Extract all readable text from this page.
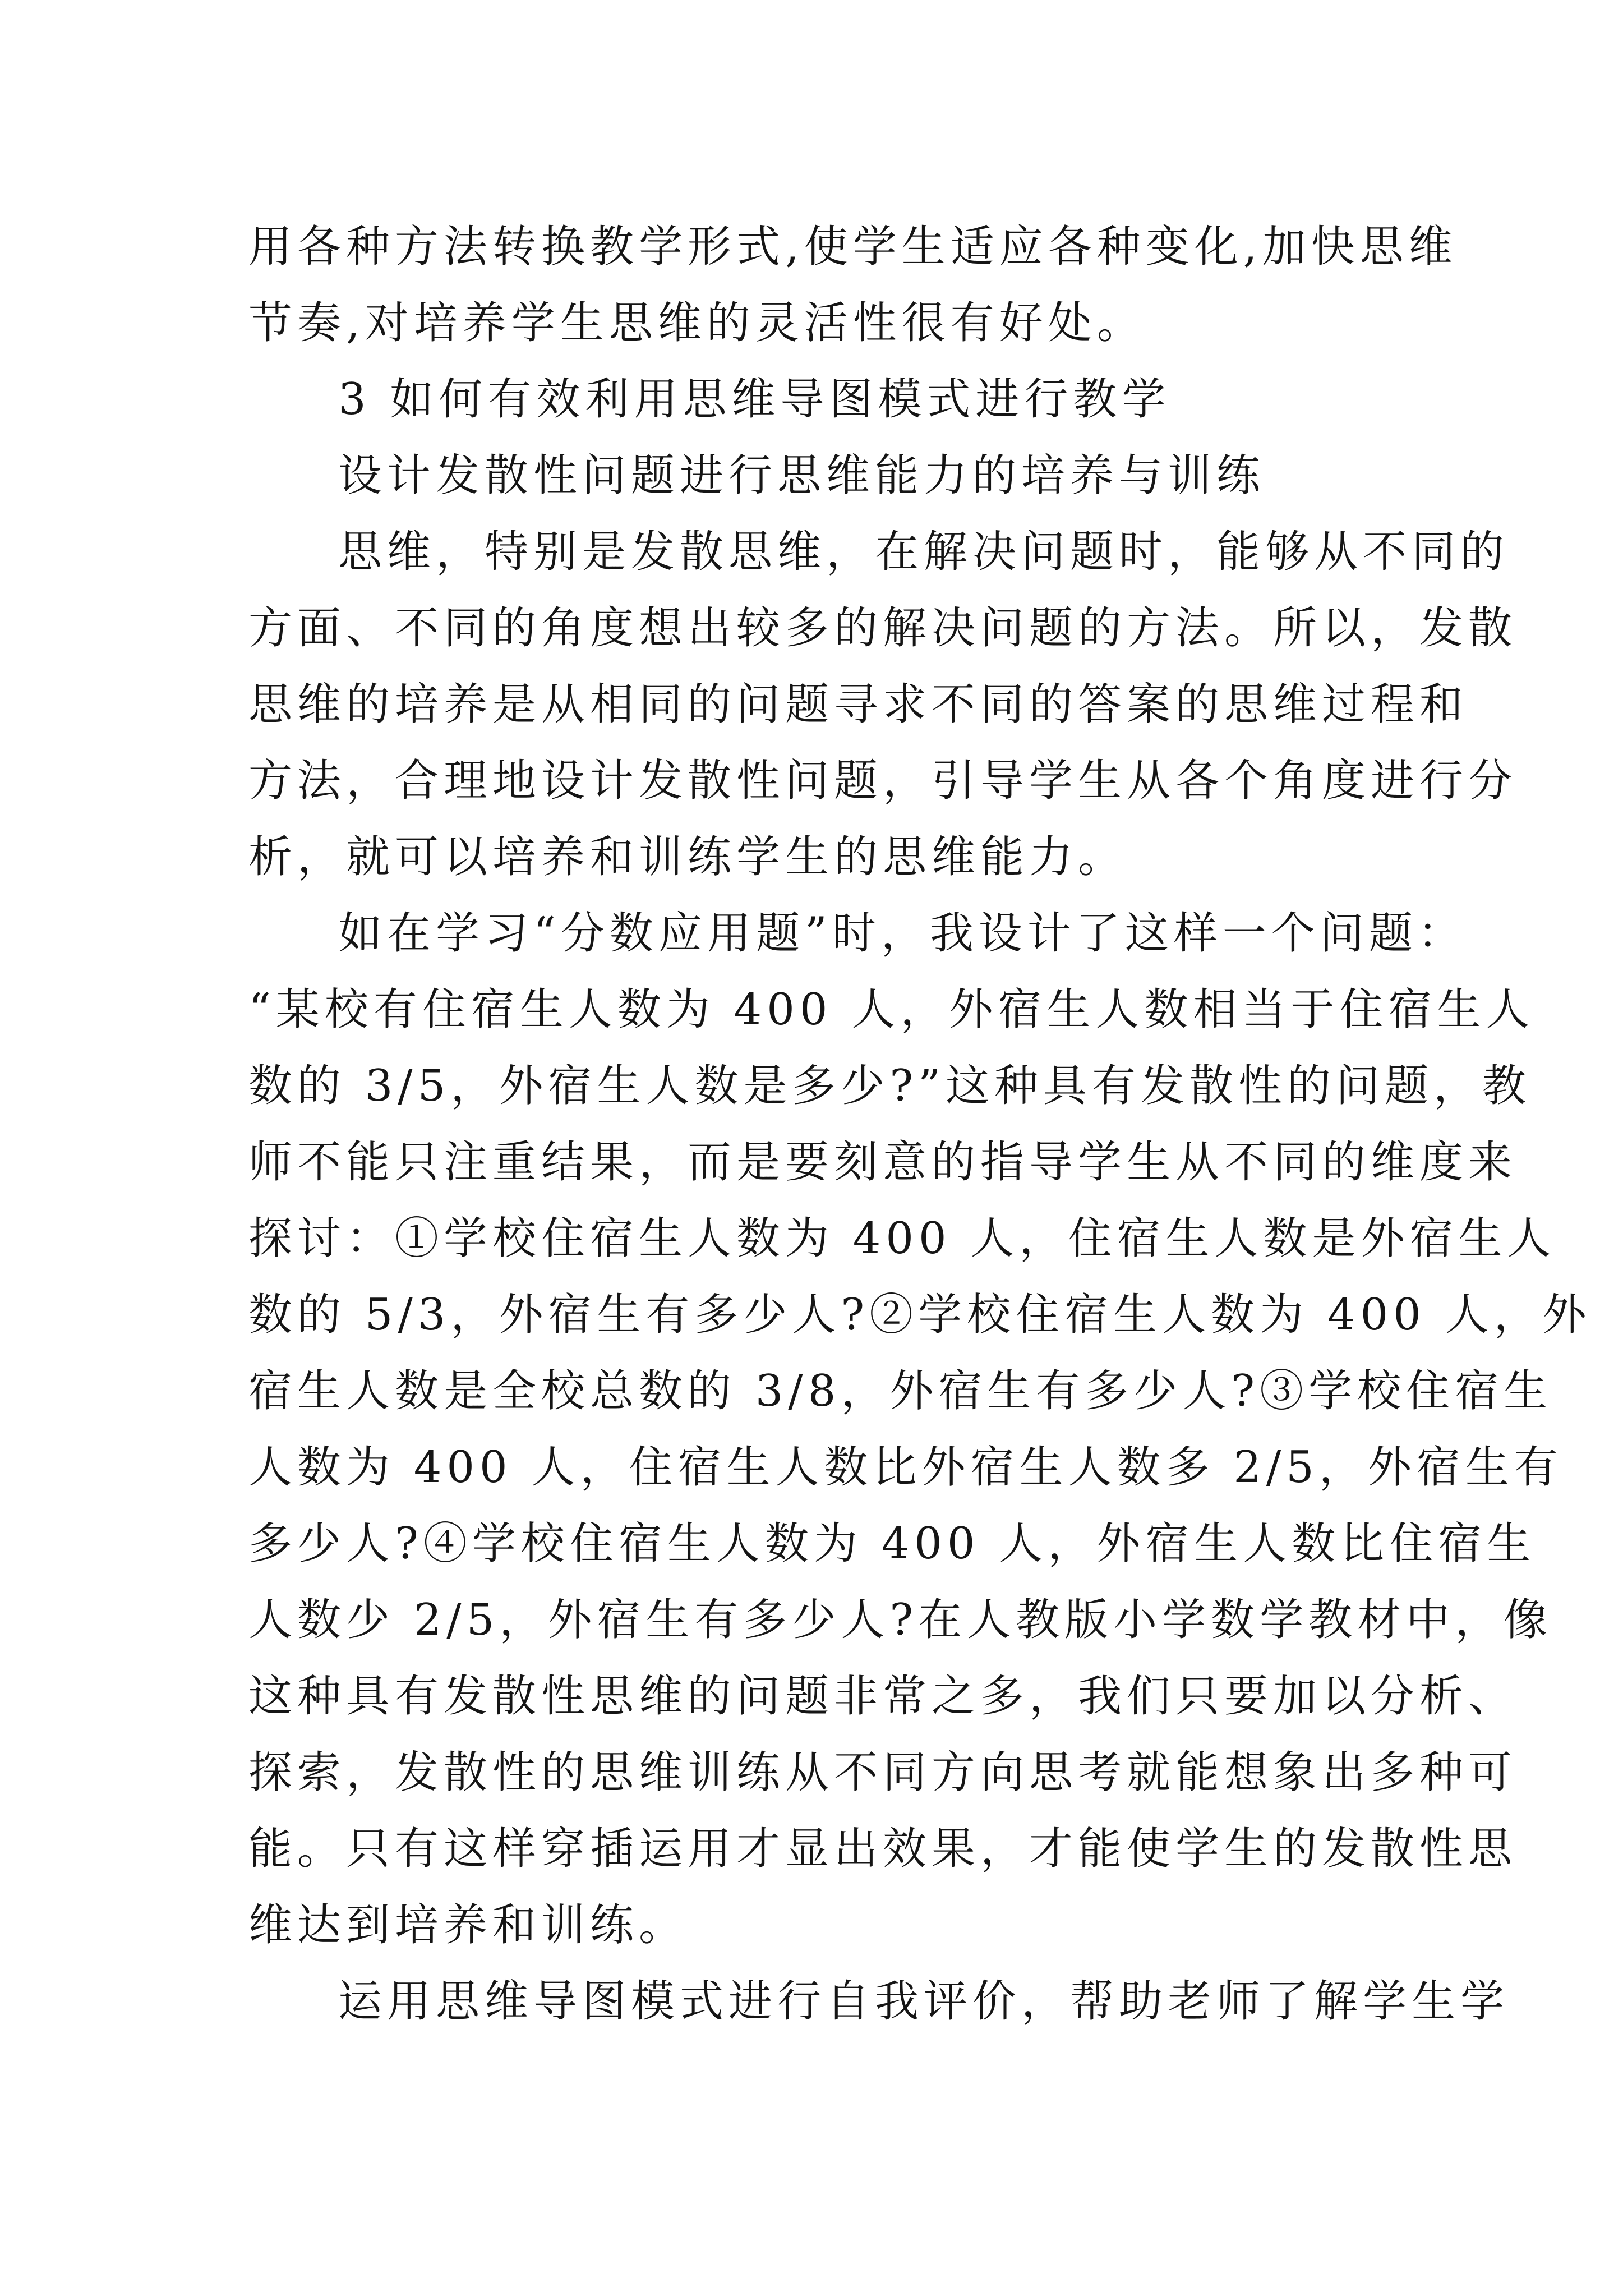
用各种方法转换教学形式,使学生适应各种变化,加快思维
节奏,对培养学生思维的灵活性很有好处。
3 如何有效利用思维导图模式进行教学
设计发散性问题进行思维能力的培养与训练
思维，特别是发散思维，在解决问题时，能够从不同的
方面、不同的角度想出较多的解决问题的方法。所以，发散
思维的培养是从相同的问题寻求不同的答案的思维过程和
方法，合理地设计发散性问题，引导学生从各个角度进行分
析，就可以培养和训练学生的思维能力。
如在学习“分数应用题”时，我设计了这样一个问题：
“某校有住宿生人数为 400 人，外宿生人数相当于住宿生人
数的 3/5，外宿生人数是多少?”这种具有发散性的问题，教
师不能只注重结果，而是要刻意的指导学生从不同的维度来
探讨：①学校住宿生人数为 400 人，住宿生人数是外宿生人
数的 5/3，外宿生有多少人?②学校住宿生人数为 400 人，外
宿生人数是全校总数的 3/8，外宿生有多少人?③学校住宿生
人数为 400 人，住宿生人数比外宿生人数多 2/5，外宿生有
多少人?④学校住宿生人数为 400 人，外宿生人数比住宿生
人数少 2/5，外宿生有多少人?在人教版小学数学教材中，像
这种具有发散性思维的问题非常之多，我们只要加以分析、
探索，发散性的思维训练从不同方向思考就能想象出多种可
能。只有这样穿插运用才显出效果，才能使学生的发散性思
维达到培养和训练。
运用思维导图模式进行自我评价，帮助老师了解学生学
